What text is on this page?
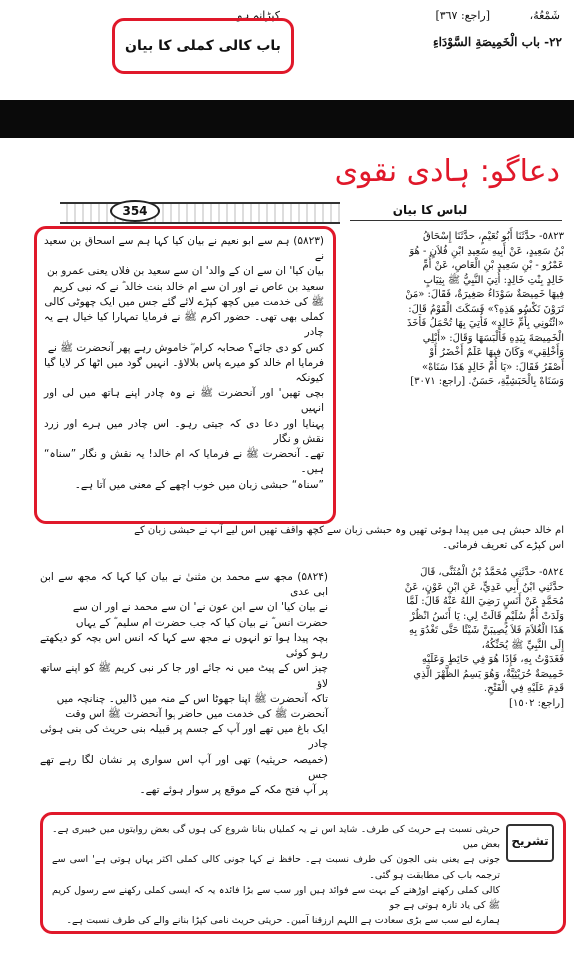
شَمْعُهُ،
[راجع: ٣٦٧]
٢٢- باب الْخَمِيصَةِ السَّوْدَاءِ
کپڑانہ ہو
باب کالی کملی کا بیان
دعاگو: ہادی نقوی
354	لباس کا بیان
(۵۸۲۳) ہم سے ابو نعیم نے بیان کیا کہا ہم سے اسحاق بن سعید نے
بیان کیا' ان سے ان کے والد' ان سے سعید بن فلاں یعنی عمرو بن
سعید بن عاص نے اور ان سے ام خالد بنت خالد ؓ نے کہ نبی کریم
ﷺ کی خدمت میں کچھ کپڑے لائے گئے جس میں ایک چھوٹی کالی
کملی بھی تھی۔ حضور اکرم ﷺ نے فرمایا تمہارا کیا خیال ہے یہ چادر
کس کو دی جائے؟ صحابہ کرام ؓ خاموش رہے پھر آنحضرت ﷺ نے
فرمایا ام خالد کو میرے پاس بلالاؤ۔ انہیں گود میں اٹھا کر لایا گیا کیونکہ
بچی تھیں' اور آنحضرت ﷺ نے وہ چادر اپنے ہاتھ میں لی اور انہیں
پہنایا اور دعا دی کہ جیتی رہو۔ اس چادر میں ہرے اور زرد نقش و نگار
تھے۔ آنحضرت ﷺ نے فرمایا کہ ام خالد! یہ نقش و نگار ”سناہ“ ہیں۔
”سناہ“ حبشی زبان میں خوب اچھے کے معنی میں آتا ہے۔
٥٨٢٣- حدَّثَنَا أَبُو نُعَيْمٍ، حدَّثَنَا إِسْحَاقُ
بْنُ سَعِيدٍ، عَنْ أَبِيهِ سَعِيدِ ابْنِ فُلاَنٍ - هُوَ
عَمْرُو - بْنِ سَعِيدِ بْنِ الْعَاصِ، عَنْ أُمِّ
خَالِدٍ بِنْتِ خَالِدٍ: أُتِيَ النَّبِيُّ ﷺ بِثِيَابٍ
فِيهَا خَمِيصَةٌ سَوْدَاءُ صَغِيرَةٌ، فَقَالَ: «مَنْ
تَرَوْنَ نَكْسُو هَذِهِ؟» فَسَكَتَ الْقَوْمُ قَالَ:
«ائْتُونِي بِأُمِّ خَالِدٍ» فَأُتِيَ بِهَا تُحْمَلُ فَأَخَذَ
الْخَمِيصَةَ بِيَدِهِ فَأَلْبَسَهَا وَقَالَ: «أَبْلِي
وَأَخْلِقِي» وَكَانَ فِيهَا عَلَمٌ أَخْضَرُ أَوْ
أَصْفَرُ فَقَالَ: «يَا أُمَّ خَالِدٍ هَذَا سَنَاهْ»
وَسَنَاهْ بِالْحَبَشِيَّةِ، حَسَنٌ. [راجع: ٣٠٧١]
ام خالد حبش ہی میں پیدا ہوئی تھیں وہ حبشی زبان سے کچھ واقف تھیں اس لیے آپ نے حبشی زبان کے
اس کپڑے کی تعریف فرمائی۔
(۵۸۲۴) مجھ سے محمد بن مثنیٰ نے بیان کیا کہا کہ مجھ سے ابن ابی عدی
نے بیان کیا' ان سے ابن عون نے' ان سے محمد نے اور ان سے
حضرت انس ؓ نے بیان کیا کہ جب حضرت ام سلیم ؓ کے یہاں
بچہ پیدا ہوا تو انہوں نے مجھ سے کہا کہ انس اس بچہ کو دیکھتے رہو کوئی
چیز اس کے پیٹ میں نہ جائے اور جا کر نبی کریم ﷺ کو اپنے ساتھ لاؤ
تاکہ آنحضرت ﷺ اپنا جھوٹا اس کے منہ میں ڈالیں۔ چنانچہ میں
آنحضرت ﷺ کی خدمت میں حاضر ہوا آنحضرت ﷺ اس وقت
ایک باغ میں تھے اور آپ کے جسم پر قبیلہ بنی حریث کی بنی ہوئی چادر
(خمیصہ حریثیہ) تھی اور آپ اس سواری پر نشان لگا رہے تھے جس
پر آپ فتح مکہ کے موقع پر سوار ہوئے تھے۔
٥٨٢٤- حدَّثَنِي مُحَمَّدُ بْنُ الْمُثَنَّى، قَالَ
حدَّثَنِي ابْنُ أَبِي عَدِيٍّ، عَنِ ابْنِ عَوْنٍ، عَنْ
مُحَمَّدٍ عَنْ أَنَسٍ رَضِيَ اللهُ عَنْهُ قَالَ: لَمَّا
وَلَدَتْ أُمُّ سُلَيْمٍ قَالَتْ لِي: يَا أَنَسُ انْظُرْ
هَذَا الْغُلاَمَ فَلاَ يُصِيبَنَّ شَيْئًا حَتَّى تَغْدُوَ بِهِ
إِلَى النَّبِيِّ ﷺ يُحَنِّكُهُ،
فَغَدَوْتُ بِهِ، فَإِذَا هُوَ فِي حَائِطٍ وَعَلَيْهِ
خَمِيصَةٌ حُرَيْثِيَّةٌ، وَهُوَ يَسِمُ الظَّهْرَ الَّذِي
قَدِمَ عَلَيْهِ فِي الْفَتْحِ.
[راجع: ١٥٠٢]
تشریح
حریثی نسبت ہے حریث کی طرف۔ شاید اس نے یہ کملیاں بنانا شروع کی ہوں گی بعض روایتوں میں خیبری ہے۔ بعض میں
جونی ہے یعنی بنی الجون کی طرف نسبت ہے۔ حافظ نے کہا جونی کالی کملی اکثر یہاں ہوتی ہے' اسی سے ترجمہ باب کی مطابقت ہو گئی۔
کالی کملی رکھنے اوڑھنے کے بہت سے فوائد ہیں اور سب سے بڑا فائدہ یہ کہ ایسی کملی رکھنے سے رسول کریم ﷺ کی یاد تازہ ہوتی ہے جو
ہمارے لیے سب سے بڑی سعادت ہے اللہم ارزقنا آمین۔ حریثی حریث نامی کپڑا بنانے والے کی طرف نسبت ہے۔
